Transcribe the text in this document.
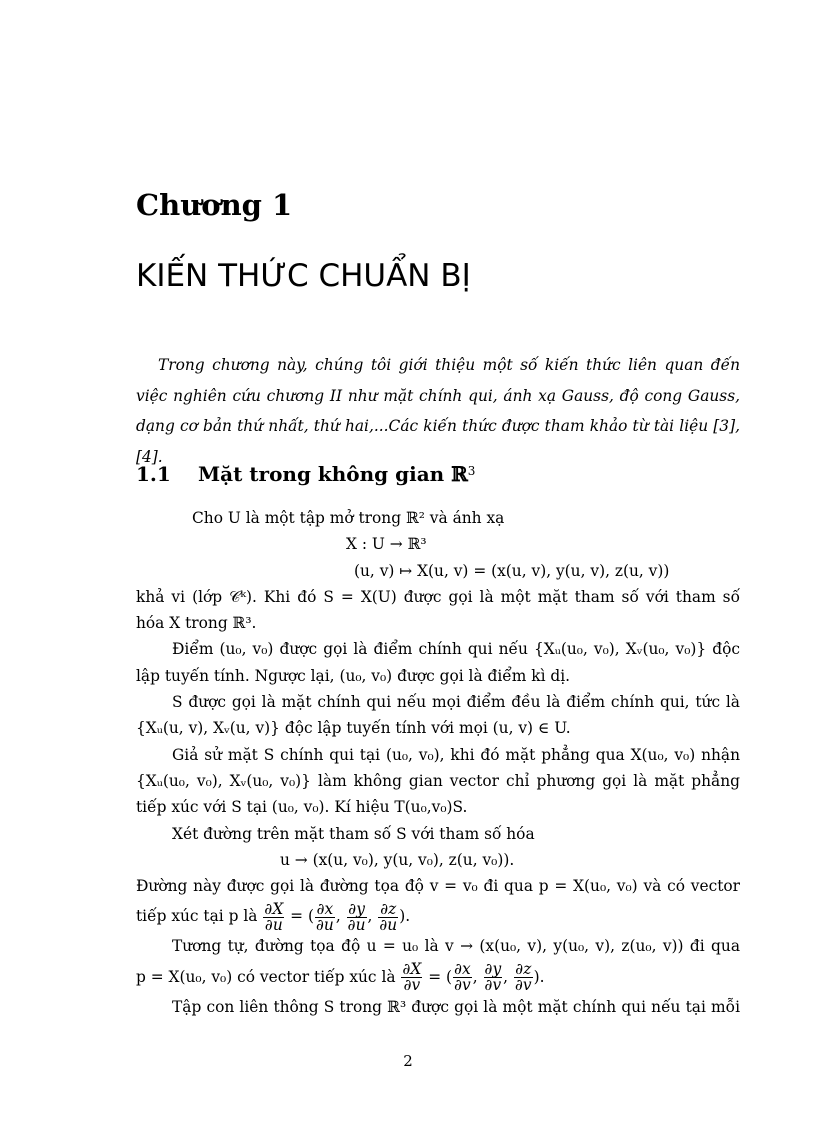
Chương 1
KIẾN THỨC CHUẨN BỊ
Trong chương này, chúng tôi giới thiệu một số kiến thức liên quan đến việc nghiên cứu chương II như mặt chính qui, ánh xạ Gauss, độ cong Gauss, dạng cơ bản thứ nhất, thứ hai,...Các kiến thức được tham khảo từ tài liệu [3], [4].
1.1 Mặt trong không gian ℝ$^3$
Cho U là một tập mở trong ℝ² và ánh xạ
X : U → ℝ³
(u, v) ↦ X(u, v) = (x(u, v), y(u, v), z(u, v))
khả vi (lớp 𝒞ᵏ). Khi đó S = X(U) được gọi là một mặt tham số với tham số
hóa X trong ℝ³.
Điểm (u₀, v₀) được gọi là điểm chính qui nếu {Xᵤ(u₀, v₀), Xᵥ(u₀, v₀)} độc
lập tuyến tính. Ngược lại, (u₀, v₀) được gọi là điểm kì dị.
S được gọi là mặt chính qui nếu mọi điểm đều là điểm chính qui, tức là
{Xᵤ(u, v), Xᵥ(u, v)} độc lập tuyến tính với mọi (u, v) ∈ U.
Giả sử mặt S chính qui tại (u₀, v₀), khi đó mặt phẳng qua X(u₀, v₀) nhận
{Xᵤ(u₀, v₀), Xᵥ(u₀, v₀)} làm không gian vector chỉ phương gọi là mặt phẳng
tiếp xúc với S tại (u₀, v₀). Kí hiệu T(u₀,v₀)S.
Xét đường trên mặt tham số S với tham số hóa
u → (x(u, v₀), y(u, v₀), z(u, v₀)).
Đường này được gọi là đường tọa độ v = v₀ đi qua p = X(u₀, v₀) và có vector
tiếp xúc tại p là $\frac{\partial X}{\partial u}$ = ( $\frac{\partial x}{\partial u}$ , $\frac{\partial y}{\partial u}$ , $\frac{\partial z}{\partial u}$ ).
Tương tự, đường tọa độ u = u₀ là v → (x(u₀, v), y(u₀, v), z(u₀, v)) đi qua
p = X(u₀, v₀) có vector tiếp xúc là $\frac{\partial X}{\partial v}$ = ( $\frac{\partial x}{\partial v}$ , $\frac{\partial y}{\partial v}$ , $\frac{\partial z}{\partial v}$ ).
Tập con liên thông S trong ℝ³ được gọi là một mặt chính qui nếu tại mỗi
2
